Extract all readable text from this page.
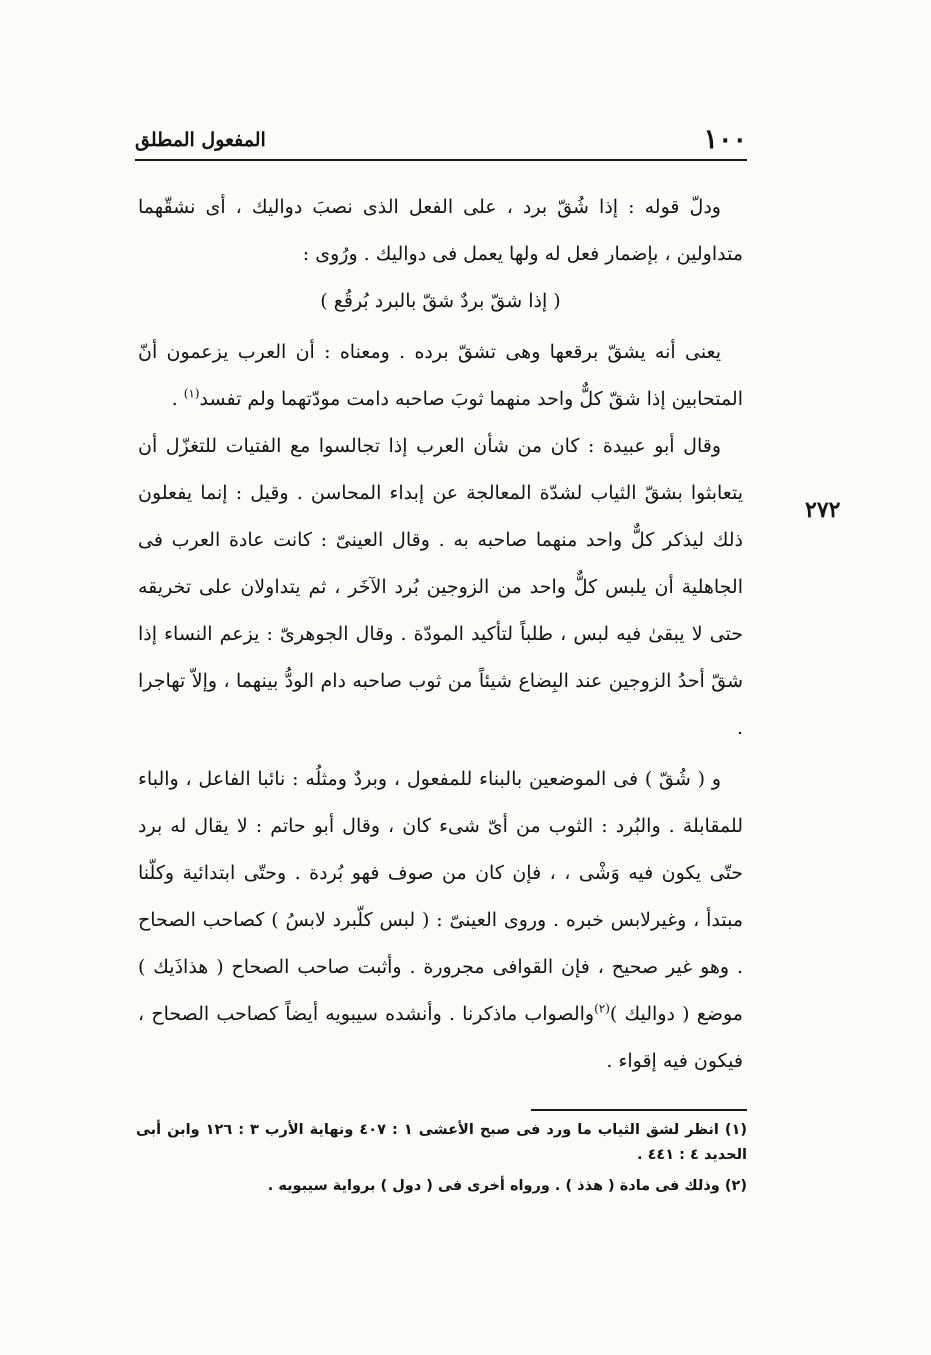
١٠٠
المفعول المطلق
٢٧٢

ودلّ قوله : إذا شُقّ برد ، على الفعل الذى نصبَ دواليك ، أى نشقّهما متداولين ، بإضمار فعل له ولها يعمل فى دواليك . ورُوى :

( إذا شقّ بردٌ شقّ بالبرد بُرقُع )

يعنى أنه يشقّ برقعها وهى تشقّ برده . ومعناه : أن العرب يزعمون أنّ المتحابين إذا شقّ كلٌّ واحد منهما ثوبَ صاحبه دامت مودّتهما ولم تفسد$^{(١)}$ .

وقال أبو عبيدة : كان من شأن العرب إذا تجالسوا مع الفتيات للتغزّل أن يتعابثوا بشقّ الثياب لشدّة المعالجة عن إبداء المحاسن . وقيل : إنما يفعلون ذلك ليذكر كلٌّ واحد منهما صاحبه به . وقال العينىّ : كانت عادة العرب فى الجاهلية أن يلبس كلٌّ واحد من الزوجين بُرد الآخَر ، ثم يتداولان على تخريقه حتى لا يبقىٰ فيه لبس ، طلباً لتأكيد المودّة . وقال الجوهرىّ : يزعم النساء إذا شقّ أحدُ الزوجين عند البِضاع شيئاً من ثوب صاحبه دام الودُّ بينهما ، وإلاّ تهاجرا .

و ( شُقّ ) فى الموضعين بالبناء للمفعول ، وبردٌ ومثلُه : نائبا الفاعل ، والباء للمقابلة . والبُرد : الثوب من أىّ شىء كان ، وقال أبو حاتم : لا يقال له برد حتّى يكون فيه وَشْى ، ، فإن كان من صوف فهو بُردة . وحتّى ابتدائية وكلّنا مبتدأ ، وغيرلابس خبره . وروى العينىّ : ( لبس كلّبرد لابسُ ) كصاحب الصحاح . وهو غير صحيح ، فإن القوافى مجرورة . وأثبت صاحب الصحاح ( هذاذَيك ) موضع ( دواليك )$^{(٢)}$والصواب ماذكرنا . وأنشده سيبويه أيضاً كصاحب الصحاح ، فيكون فيه إقواء .

(١) انظر لشق الثياب ما ورد فى صبح الأعشى ١ : ٤٠٧ ونهاية الأرب ٣ : ١٢٦ وابن أبى الحديد ٤ : ٤٤١ .

(٢) وذلك فى مادة ( هذذ ) . ورواه أخرى فى ( دول ) برواية سيبويه .
